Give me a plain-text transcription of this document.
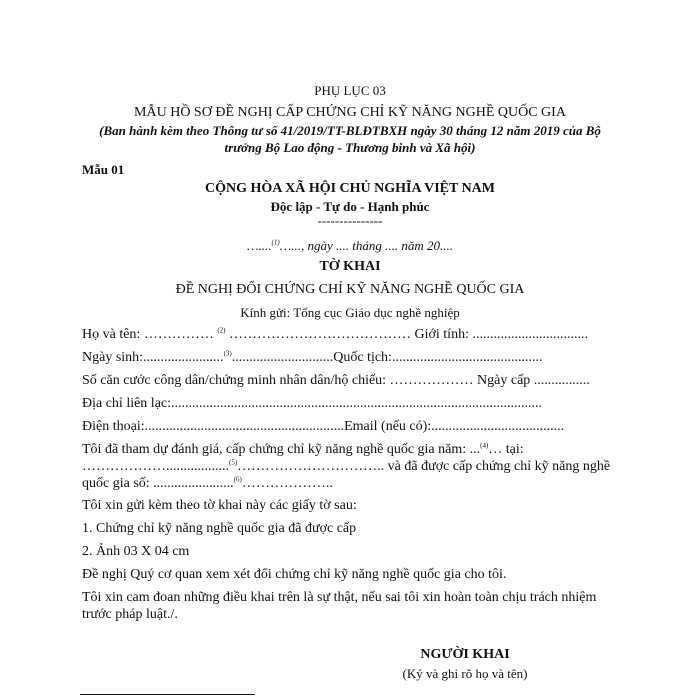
PHỤ LỤC 03
MẪU HỒ SƠ ĐỀ NGHỊ CẤP CHỨNG CHỈ KỸ NĂNG NGHỀ QUỐC GIA
(Ban hành kèm theo Thông tư số 41/2019/TT-BLĐTBXH ngày 30 tháng 12 năm 2019 của Bộ
trưởng Bộ Lao động - Thương binh và Xã hội)
Mẫu 01
CỘNG HÒA XÃ HỘI CHỦ NGHĨA VIỆT NAM
Độc lập - Tự do - Hạnh phúc
---------------
…....$^{(1)}$…..., ngày .... tháng .... năm 20....
TỜ KHAI
ĐỀ NGHỊ ĐỔI CHỨNG CHỈ KỸ NĂNG NGHỀ QUỐC GIA
Kính gửi: Tổng cục Giáo dục nghề nghiệp
Họ và tên: …………… $^{(2)}$ ………………………………… Giới tính: .................................
Ngày sinh:.......................$^{(3)}$.............................Quốc tịch:...........................................
Số căn cước công dân/chứng minh nhân dân/hộ chiếu: ……………… Ngày cấp ................
Địa chỉ liên lạc:..........................................................................................................
Điện thoại:.........................................................Email (nếu có):......................................
Tôi đã tham dự đánh giá, cấp chứng chỉ kỹ năng nghề quốc gia năm: ...$^{(4)}$… tại:
………………..................$^{(5)}$………………………….. và đã được cấp chứng chỉ kỹ năng nghề
quốc gia số: .......................$^{(6)}$………………..
Tôi xin gửi kèm theo tờ khai này các giấy tờ sau:
1. Chứng chỉ kỹ năng nghề quốc gia đã được cấp
2. Ảnh 03 X 04 cm
Đề nghị Quý cơ quan xem xét đổi chứng chỉ kỹ năng nghề quốc gia cho tôi.
Tôi xin cam đoan những điều khai trên là sự thật, nếu sai tôi xin hoàn toàn chịu trách nhiệm
trước pháp luật./.
NGƯỜI KHAI
(Ký và ghi rõ họ và tên)
